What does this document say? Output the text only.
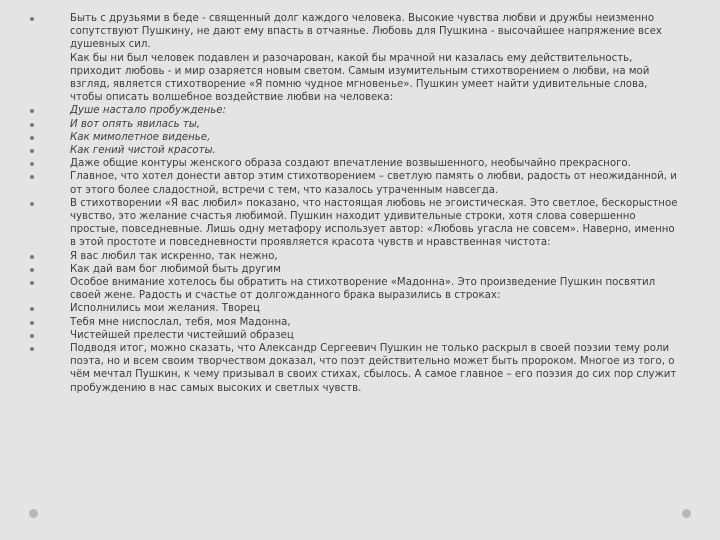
Быть с друзьями в беде - священный долг каждого человека. Высокие чувства любви и дружбы неизменно сопутствуют Пушкину, не дают ему впасть в отчаянье. Любовь для Пушкина - высочайшее напряжение всех душевных сил.
Как бы ни был человек подавлен и разочарован, какой бы мрачной ни казалась ему действительность, приходит любовь - и мир озаряется новым светом. Самым изумительным стихотворением о любви, на мой взгляд, является стихотворение «Я помню чудное мгновенье». Пушкин умеет найти удивительные слова, чтобы описать волшебное воздействие любви на человека:
Душе настало пробужденье:
И вот опять явилась ты,
Как мимолетное виденье,
Как гений чистой красоты.
Даже общие контуры женского образа создают впечатление возвышенного, необычайно прекрасного.
Главное, что хотел донести автор этим стихотворением – светлую память о любви, радость от неожиданной, и от этого более сладостной, встречи с тем, что казалось утраченным навсегда.
В стихотворении «Я вас любил» показано, что настоящая любовь не эгоистическая. Это светлое, бескорыстное чувство, это желание счастья любимой. Пушкин находит удивительные строки, хотя слова совершенно простые, повседневные. Лишь одну метафору использует автор: «Любовь угасла не совсем». Наверно, именно в этой простоте и повседневности проявляется красота чувств и нравственная чистота:
Я вас любил так искренно, так нежно,
Как дай вам бог любимой быть другим
Особое внимание хотелось бы обратить на стихотворение «Мадонна». Это произведение Пушкин посвятил своей жене. Радость и счастье от долгожданного брака выразились в строках:
Исполнились мои желания. Творец
Тебя мне ниспослал, тебя, моя Мадонна,
Чистейшей прелести чистейший образец
Подводя итог, можно сказать, что Александр Сергеевич Пушкин не только раскрыл в своей поэзии тему роли поэта, но и всем своим творчеством доказал, что поэт действительно может быть пророком. Многое из того, о чём мечтал Пушкин, к чему призывал в своих стихах, сбылось. А самое главное – его поэзия до сих пор служит пробуждению в нас самых высоких и светлых чувств.
